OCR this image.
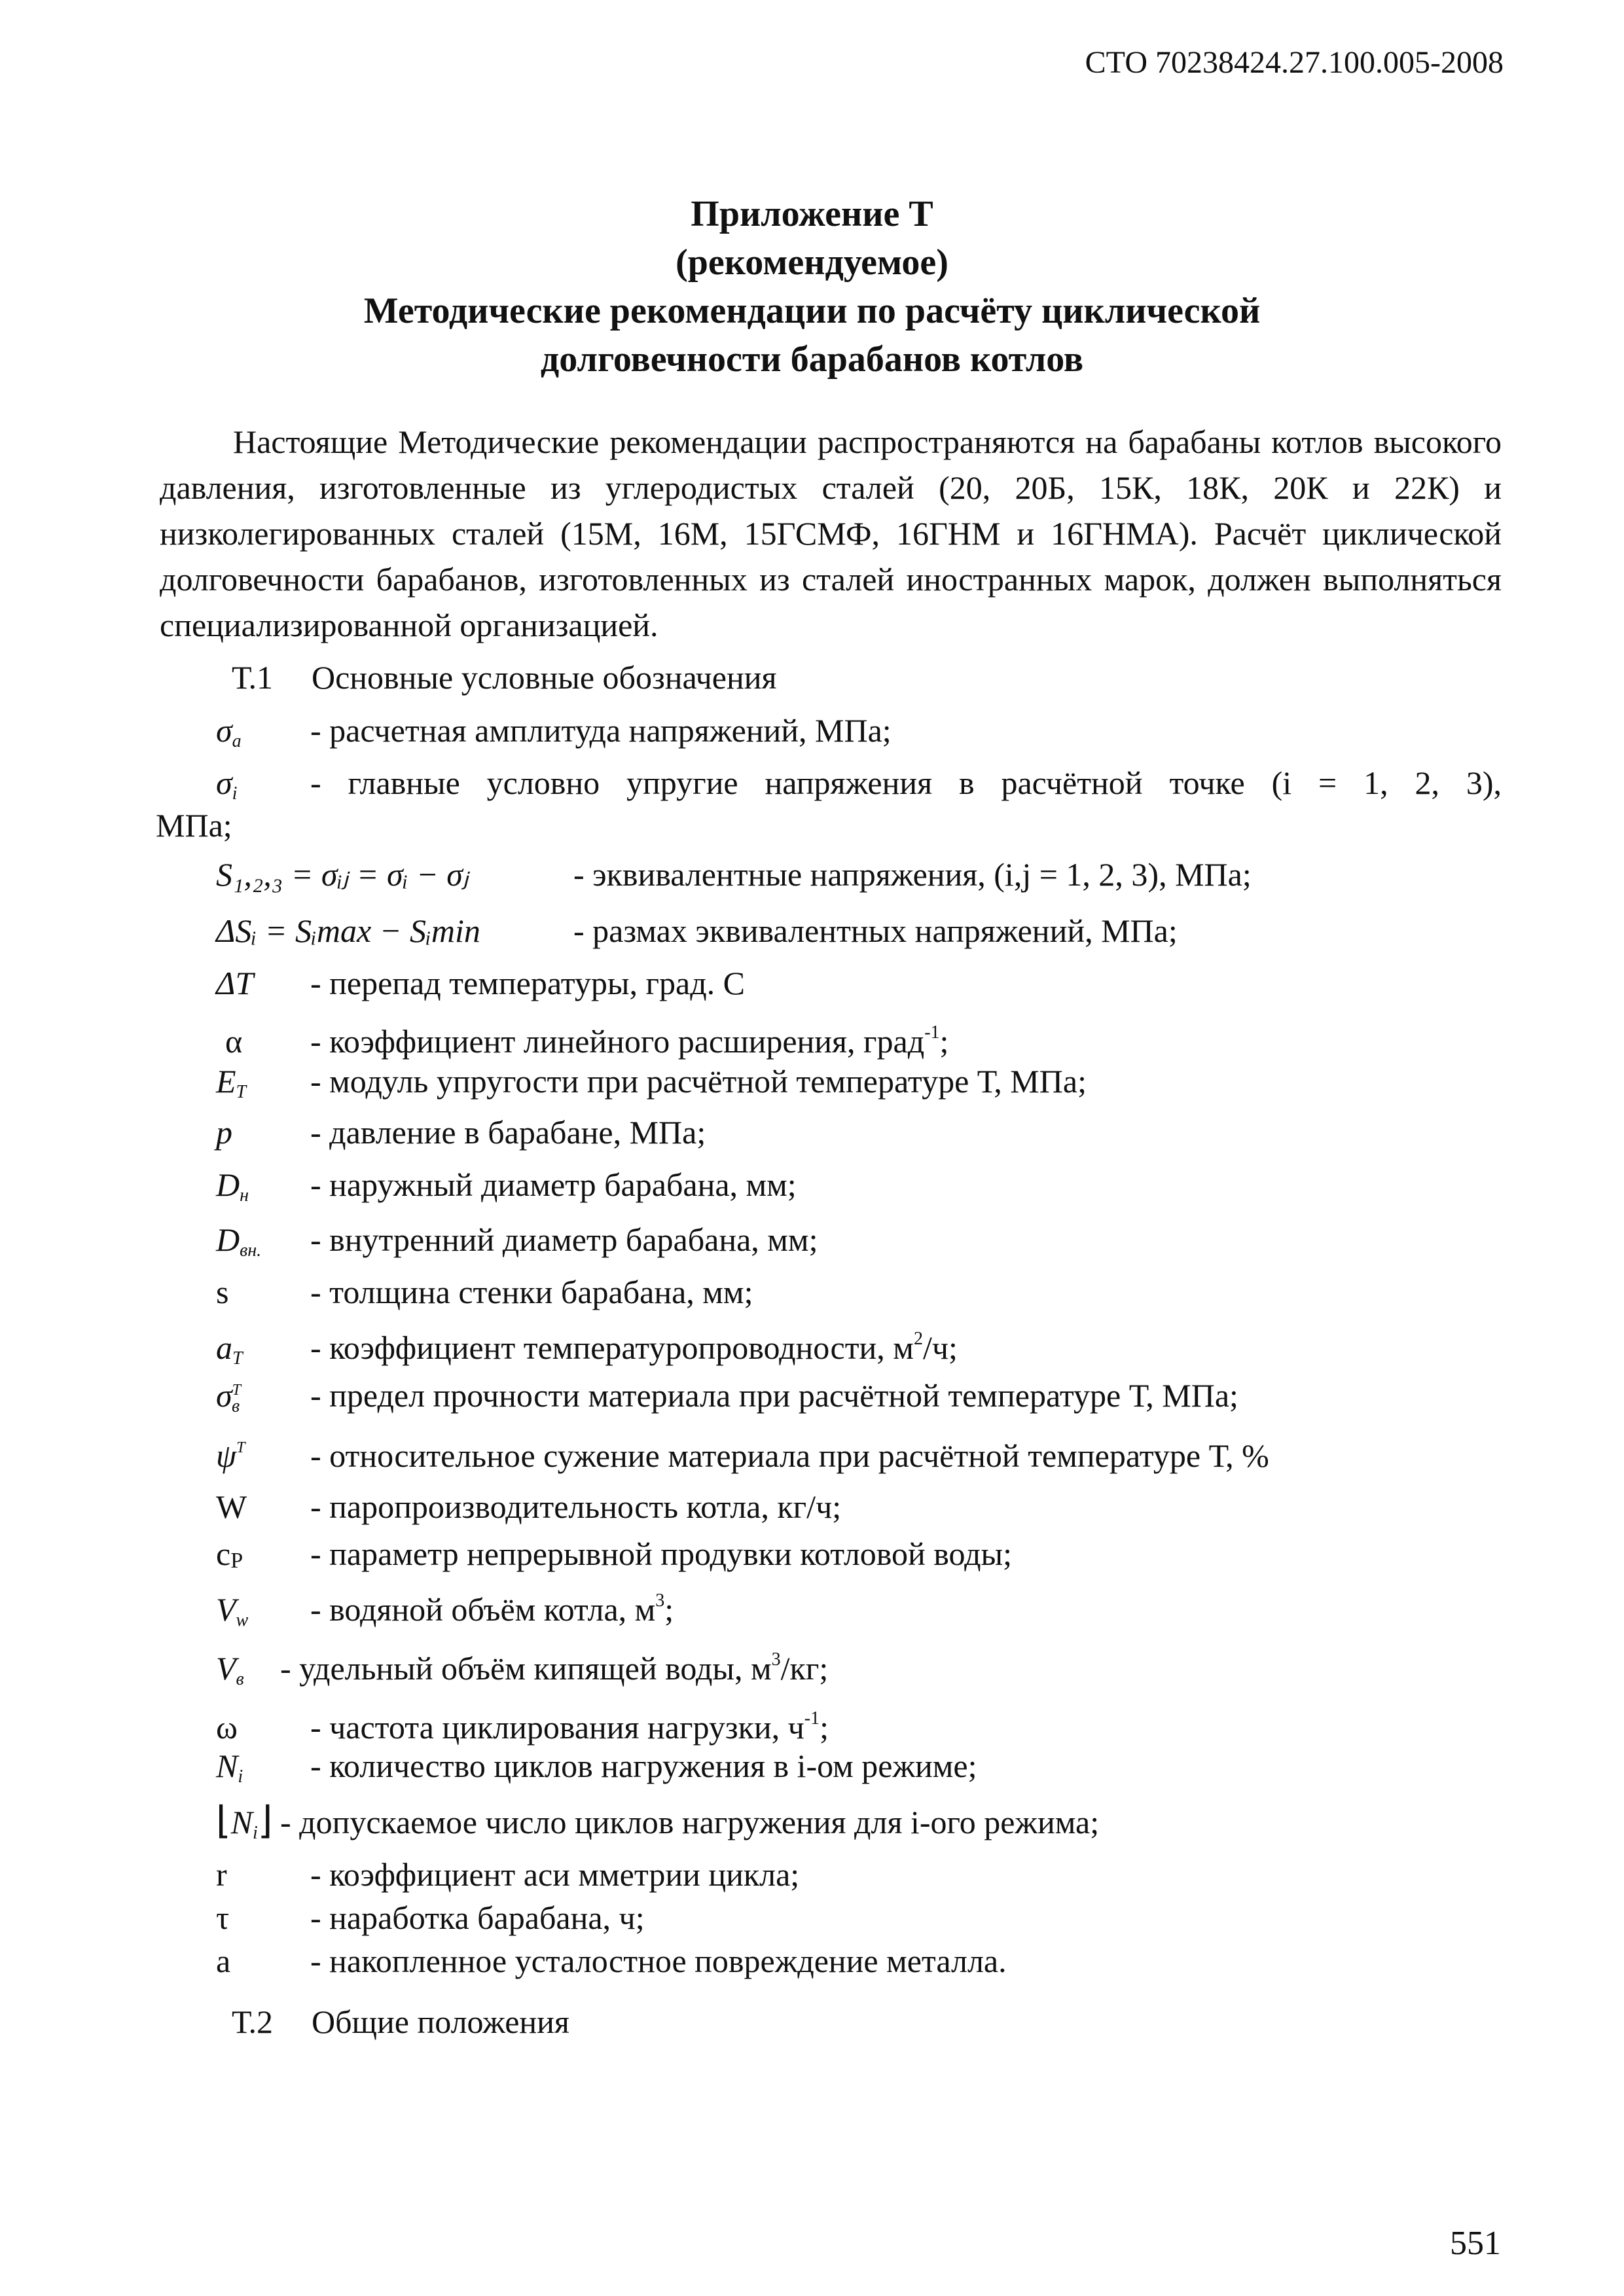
СТО 70238424.27.100.005-2008
Приложение Т
(рекомендуемое)
Методические рекомендации по расчёту циклической
долговечности барабанов котлов

Настоящие Методические рекомендации распространяются на барабаны котлов высокого давления, изготовленные из углеродистых сталей (20, 20Б, 15К, 18К, 20К и 22К) и низколегированных сталей (15М, 16М, 15ГСМФ, 16ГНМ и 16ГНМА). Расчёт циклической долговечности барабанов, изготовленных из сталей иностранных марок, должен выполняться специализированной организацией.

Т.1 Основные условные обозначения
$\sigma_a$ - расчетная амплитуда напряжений, МПа;
$\sigma_i$ - главные условно упругие напряжения в расчётной точке (i = 1, 2, 3),
МПа;
S₁,₂,₃ = σᵢⱼ = σᵢ − σⱼ	- эквивалентные напряжения, (i,j = 1, 2, 3), МПа;
ΔSᵢ = Sᵢmax − Sᵢmin	- размах эквивалентных напряжений, МПа;
ΔT - перепад температуры, град. С
α - коэффициент линейного расширения, град$^{-1}$;
$E_T$ - модуль упругости при расчётной температуре Т, МПа;
p - давление в барабане, МПа;
$D_н$ - наружный диаметр барабана, мм;
$D_{вн.}$ - внутренний диаметр барабана, мм;
s - толщина стенки барабана, мм;
$a_T$ - коэффициент температуропроводности, $м^2/ч$;
$\sigma^T_в$ - предел прочности материала при расчётной температуре Т, МПа;
$\psi^T$ - относительное сужение материала при расчётной температуре Т, %
W - паропроизводительность котла, кг/ч;
$c_P$ - параметр непрерывной продувки котловой воды;
$V_w$ - водяной объём котла, $м^3$;
$V_в$ - удельный объём кипящей воды, $м^3/кг$;
ω - частота циклирования нагрузки, $ч^{-1}$;
$N_i$ - количество циклов нагружения в i-ом режиме;
$⌊N_i⌋$ - допускаемое число циклов нагружения для i-ого режима;
r	- коэффициент аси мметрии цикла;
τ - наработка барабана, ч;
a - накопленное усталостное повреждение металла.
Т.2 Общие положения
551
